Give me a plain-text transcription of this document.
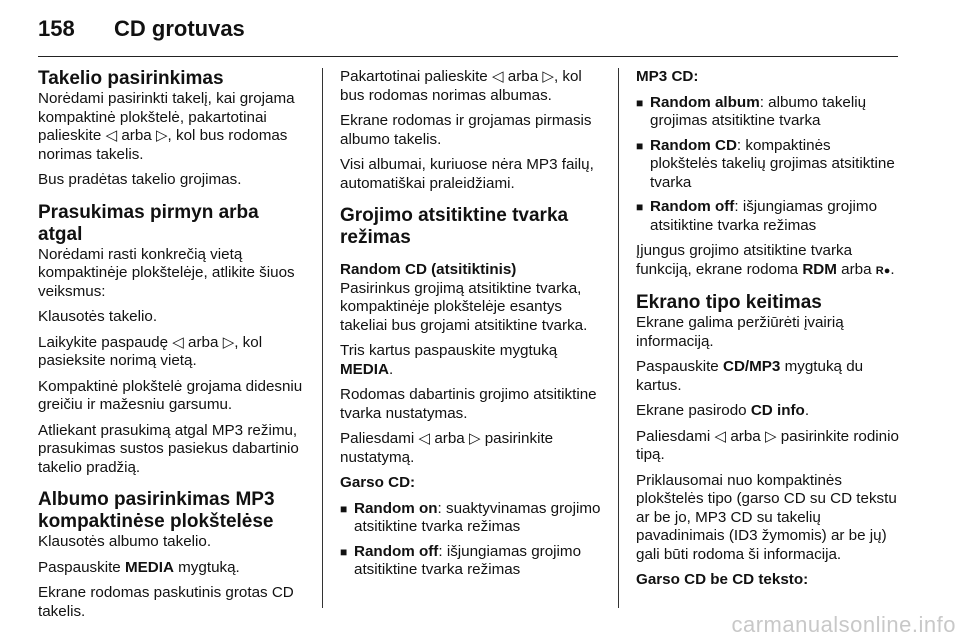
158 CD grotuvas
Takelio pasirinkimas

Norėdami pasirinkti takelį, kai grojama kompaktinė plokštelė, pakartotinai palieskite ◁ arba ▷, kol bus rodomas norimas takelis.

Bus pradėtas takelio grojimas.

Prasukimas pirmyn arba atgal

Norėdami rasti konkrečią vietą kompaktinėje plokštelėje, atlikite šiuos veiksmus:

Klausotės takelio.

Laikykite paspaudę ◁ arba ▷, kol pasieksite norimą vietą.

Kompaktinė plokštelė grojama didesniu greičiu ir mažesniu garsumu.

Atliekant prasukimą atgal MP3 režimu, prasukimas sustos pasiekus dabartinio takelio pradžią.

Albumo pasirinkimas MP3 kompaktinėse plokštelėse

Klausotės albumo takelio.

Paspauskite MEDIA mygtuką.

Ekrane rodomas paskutinis grotas CD takelis.

Pakartotinai palieskite ◁ arba ▷, kol bus rodomas norimas albumas.

Ekrane rodomas ir grojamas pirmasis albumo takelis.

Visi albumai, kuriuose nėra MP3 failų, automatiškai praleidžiami.

Grojimo atsitiktine tvarka režimas

Random CD (atsitiktinis)

Pasirinkus grojimą atsitiktine tvarka, kompaktinėje plokštelėje esantys takeliai bus grojami atsitiktine tvarka.

Tris kartus paspauskite mygtuką MEDIA.

Rodomas dabartinis grojimo atsitiktine tvarka nustatymas.

Paliesdami ◁ arba ▷ pasirinkite nustatymą.

Garso CD:

■ Random on: suaktyvinamas grojimo atsitiktine tvarka režimas
■ Random off: išjungiamas grojimo atsitiktine tvarka režimas

MP3 CD:

■ Random album: albumo takelių grojimas atsitiktine tvarka
■ Random CD: kompaktinės plokštelės takelių grojimas atsitiktine tvarka
■ Random off: išjungiamas grojimo atsitiktine tvarka režimas

Įjungus grojimo atsitiktine tvarka funkciją, ekrane rodoma RDM arba R●.

Ekrano tipo keitimas

Ekrane galima peržiūrėti įvairią informaciją.

Paspauskite CD/MP3 mygtuką du kartus.

Ekrane pasirodo CD info.

Paliesdami ◁ arba ▷ pasirinkite rodinio tipą.

Priklausomai nuo kompaktinės plokštelės tipo (garso CD su CD tekstu ar be jo, MP3 CD su takelių pavadinimais (ID3 žymomis) ar be jų) gali būti rodoma ši informacija.

Garso CD be CD teksto:

carmanualsonline.info
